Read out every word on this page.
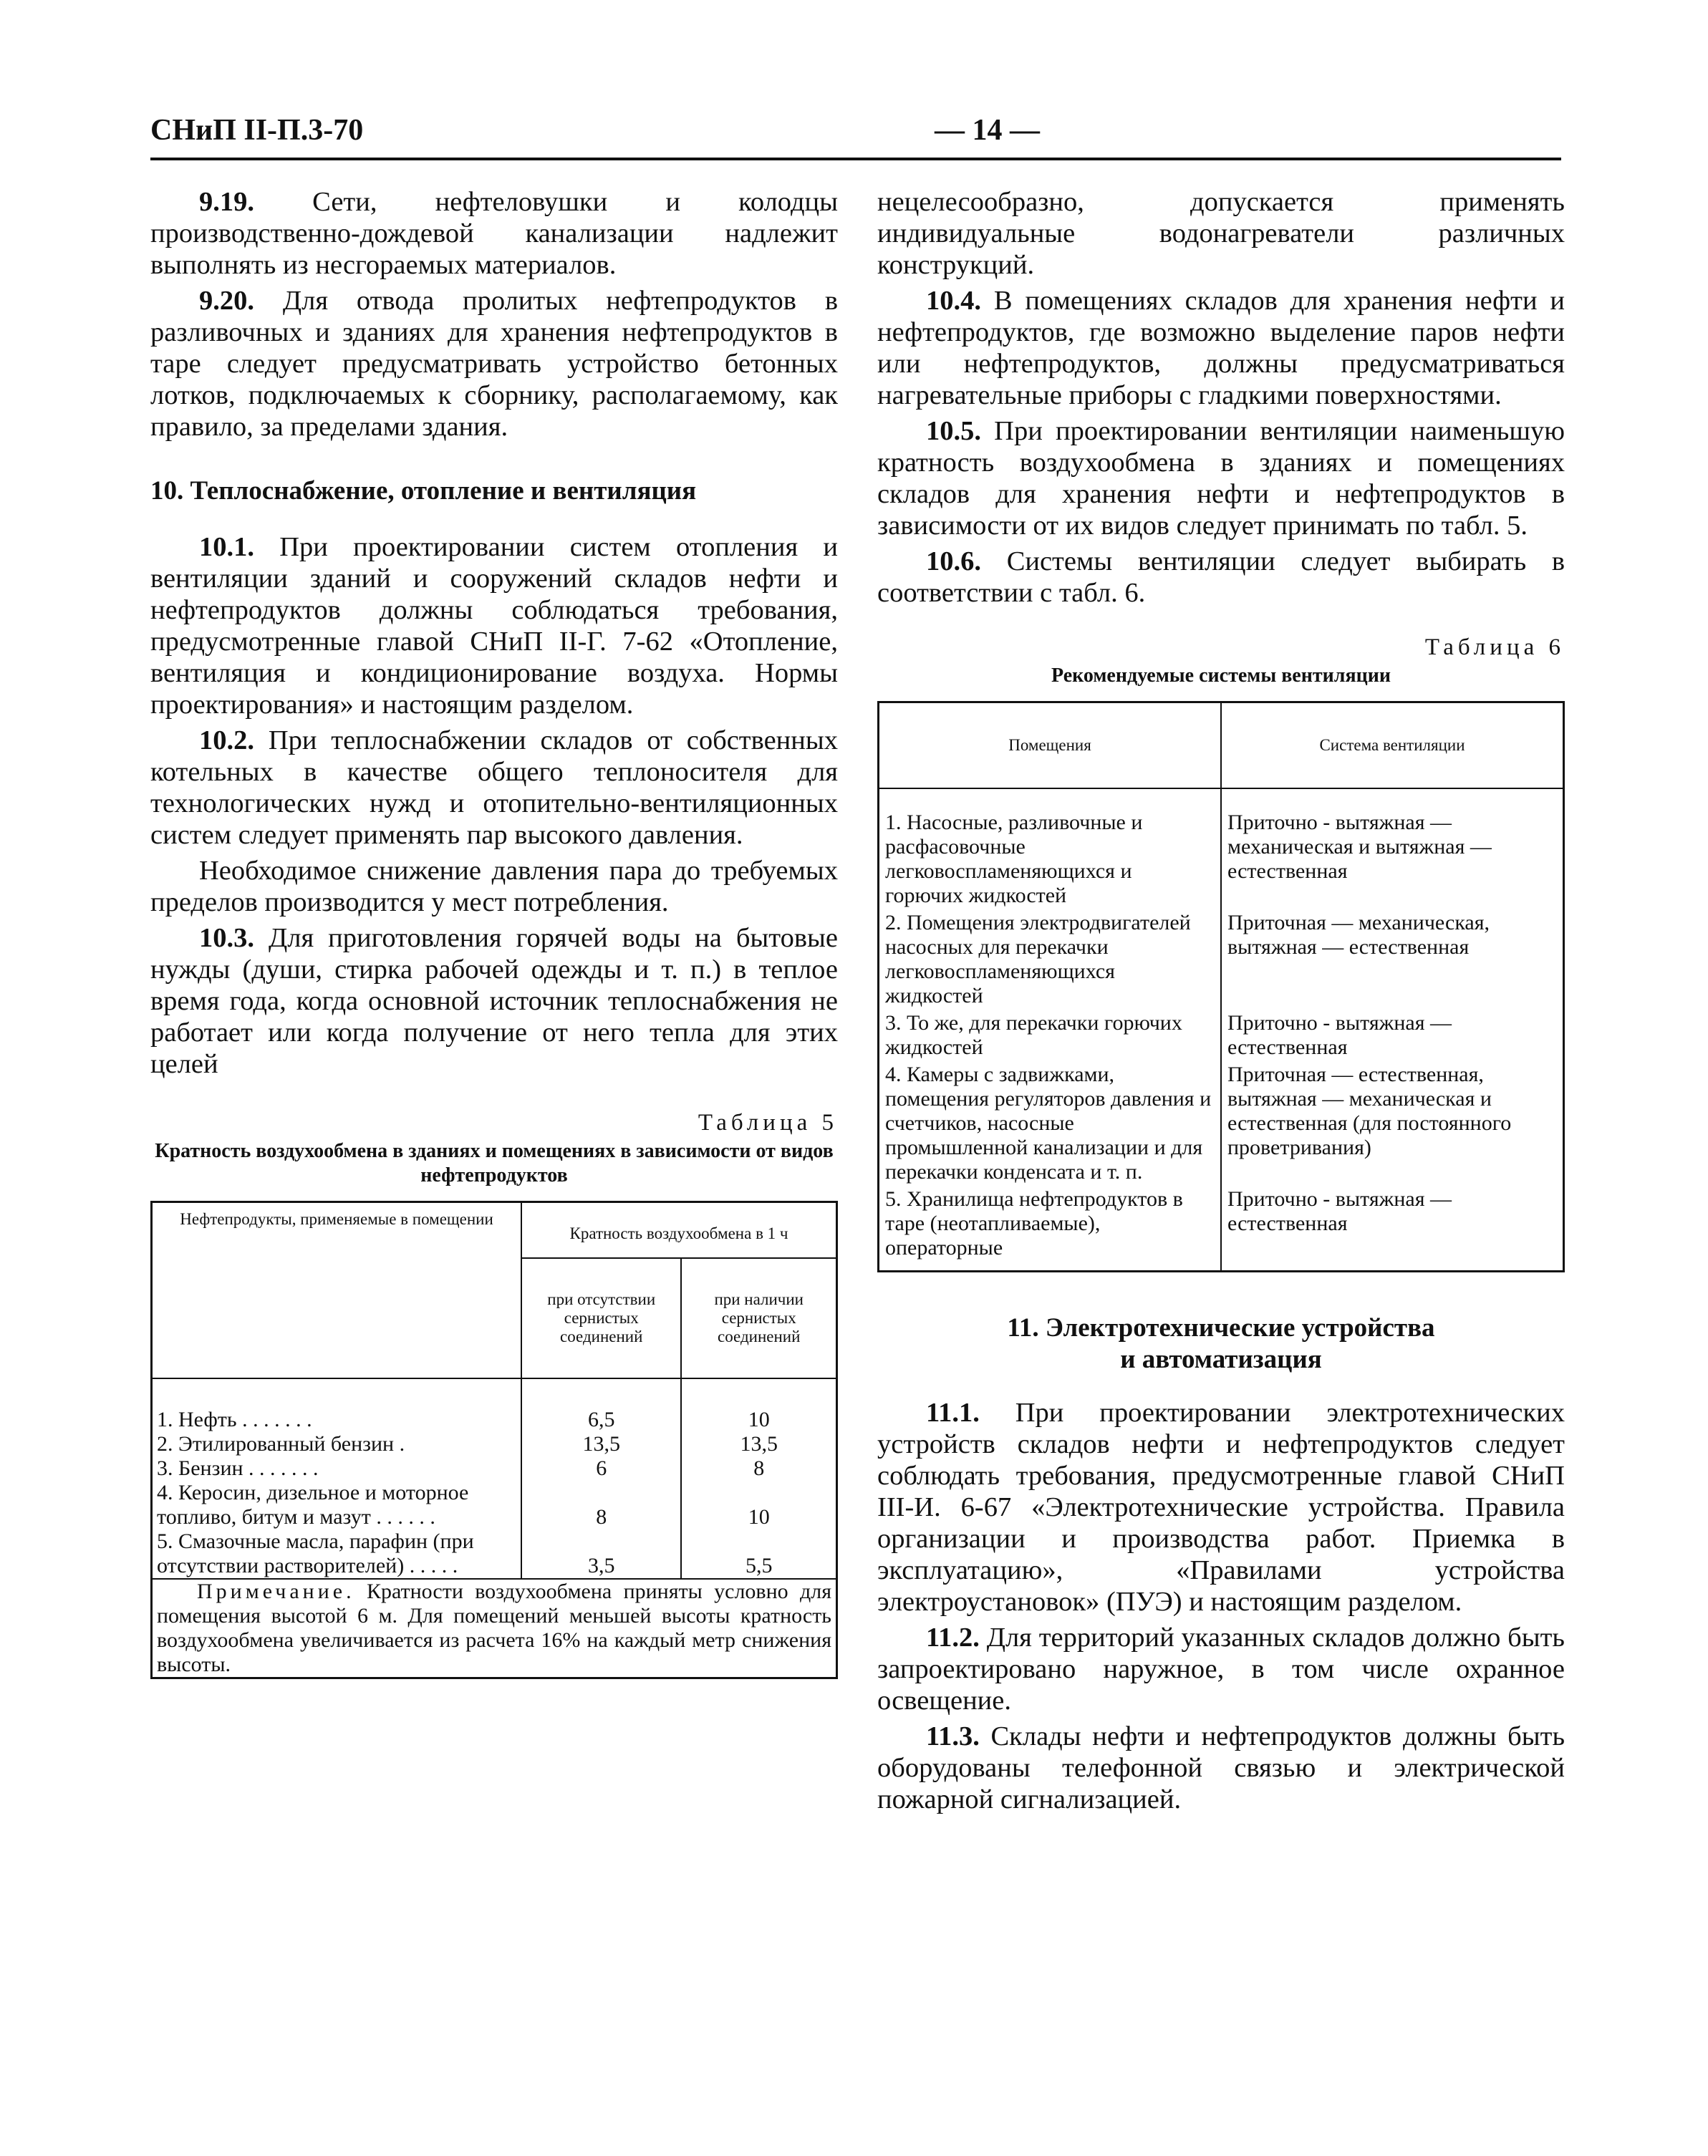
СНиП II-П.3-70	— 14 —

9.19. Сети, нефтеловушки и колодцы производственно-дождевой канализации надлежит выполнять из несгораемых материалов.

9.20. Для отвода пролитых нефтепродуктов в разливочных и зданиях для хранения нефтепродуктов в таре следует предусматривать устройство бетонных лотков, подключаемых к сборнику, располагаемому, как правило, за пределами здания.

10. Теплоснабжение, отопление и вентиляция

10.1. При проектировании систем отопления и вентиляции зданий и сооружений складов нефти и нефтепродуктов должны соблюдаться требования, предусмотренные главой СНиП II-Г. 7-62 «Отопление, вентиляция и кондиционирование воздуха. Нормы проектирования» и настоящим разделом.

10.2. При теплоснабжении складов от собственных котельных в качестве общего теплоносителя для технологических нужд и отопительно-вентиляционных систем следует применять пар высокого давления.

Необходимое снижение давления пара до требуемых пределов производится у мест потребления.

10.3. Для приготовления горячей воды на бытовые нужды (души, стирка рабочей одежды и т. п.) в теплое время года, когда основной источник теплоснабжения не работает или когда получение от него тепла для этих целей

Таблица 5

Кратность воздухообмена в зданиях и помещениях в зависимости от видов нефтепродуктов

Нефтепродукты, применяемые в помещении	Кратность воздухообмена в 1 ч	
	при отсутствии сернистых соединений	при наличии сернистых соединений

1. Нефть . . . . . . .	6,5	10
2. Этилированный бензин .	13,5	13,5
3. Бензин . . . . . . .	6	8
4. Керосин, дизельное и моторное топливо, битум и мазут . . . . . .	8	10
5. Смазочные масла, парафин (при отсутствии растворителей) . . . . .	3,5	5,5
Примечание. Кратности воздухообмена приняты условно для помещения высотой 6 м. Для помещений меньшей высоты кратность воздухообмена увеличивается из расчета 16% на каждый метр снижения высоты.		

нецелесообразно, допускается применять индивидуальные водонагреватели различных конструкций.

10.4. В помещениях складов для хранения нефти и нефтепродуктов, где возможно выделение паров нефти или нефтепродуктов, должны предусматриваться нагревательные приборы с гладкими поверхностями.

10.5. При проектировании вентиляции наименьшую кратность воздухообмена в зданиях и помещениях складов для хранения нефти и нефтепродуктов в зависимости от их видов следует принимать по табл. 5.

10.6. Системы вентиляции следует выбирать в соответствии с табл. 6.

Таблица 6

Рекомендуемые системы вентиляции

Помещения	Система вентиляции

1. Насосные, разливочные и расфасовочные легковоспламеняющихся и горючих жидкостей	Приточно - вытяжная — механическая и вытяжная — естественная
2. Помещения электродвигателей насосных для перекачки легковоспламеняющихся жидкостей	Приточная — механическая, вытяжная — естественная
3. То же, для перекачки горючих жидкостей	Приточно - вытяжная — естественная
4. Камеры с задвижками, помещения регуляторов давления и счетчиков, насосные промышленной канализации и для перекачки конденсата и т. п.	Приточная — естественная, вытяжная — механическая и естественная (для постоянного проветривания)
5. Хранилища нефтепродуктов в таре (неотапливаемые), операторные	Приточно - вытяжная — естественная

11. Электротехнические устройства

и автоматизация

11.1. При проектировании электротехнических устройств складов нефти и нефтепродуктов следует соблюдать требования, предусмотренные главой СНиП III-И. 6-67 «Электротехнические устройства. Правила организации и производства работ. Приемка в эксплуатацию», «Правилами устройства электроустановок» (ПУЭ) и настоящим разделом.

11.2. Для территорий указанных складов должно быть запроектировано наружное, в том числе охранное освещение.

11.3. Склады нефти и нефтепродуктов должны быть оборудованы телефонной связью и электрической пожарной сигнализацией.
